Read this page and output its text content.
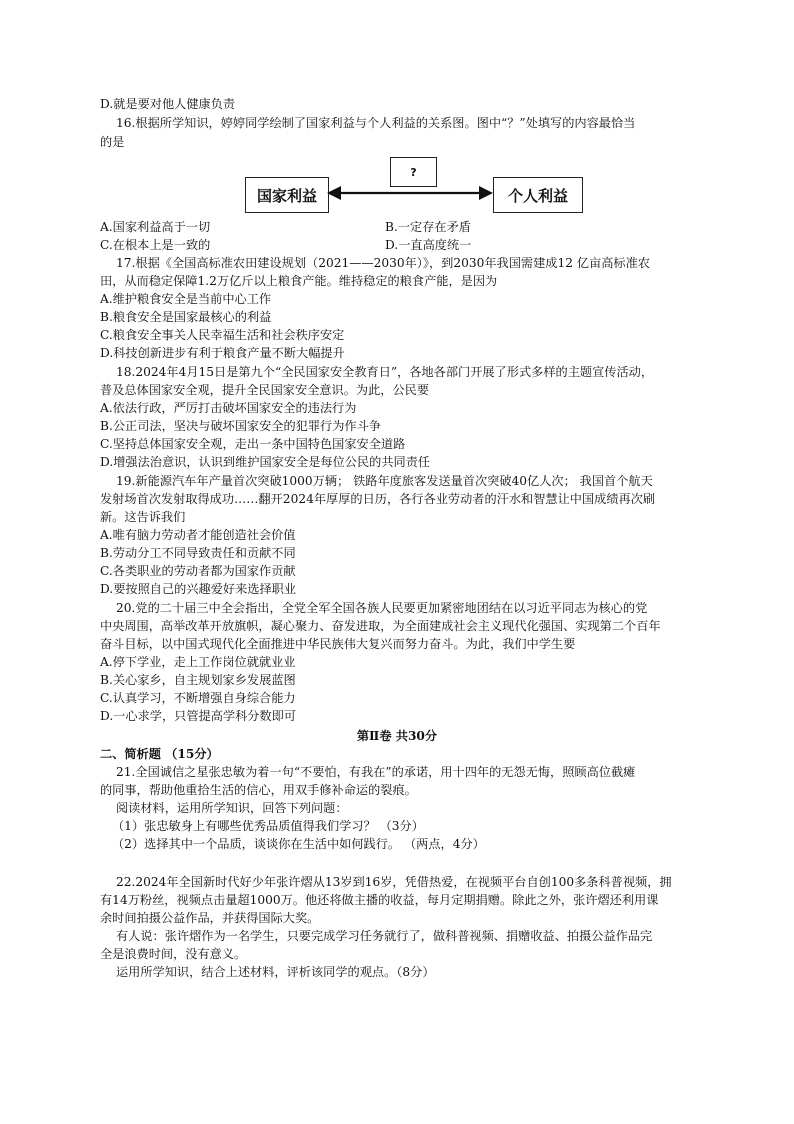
D.就是要对他人健康负责
16.根据所学知识，婷婷同学绘制了国家利益与个人利益的关系图。图中“？”处填写的内容最恰当
的是
国家利益
?
个人利益
A.国家利益高于一切	B.一定存在矛盾
C.在根本上是一致的	D.一直高度统一
17.根据《全国高标准农田建设规划（2021——2030年）》，到2030年我国需建成12 亿亩高标准农
田，从而稳定保障1.2万亿斤以上粮食产能。维持稳定的粮食产能，是因为
A.维护粮食安全是当前中心工作
B.粮食安全是国家最核心的利益
C.粮食安全事关人民幸福生活和社会秩序安定
D.科技创新进步有利于粮食产量不断大幅提升
18.2024年4月15日是第九个“全民国家安全教育日”，各地各部门开展了形式多样的主题宣传活动，
普及总体国家安全观，提升全民国家安全意识。为此，公民要
A.依法行政，严厉打击破坏国家安全的违法行为
B.公正司法，坚决与破坏国家安全的犯罪行为作斗争
C.坚持总体国家安全观，走出一条中国特色国家安全道路
D.增强法治意识，认识到维护国家安全是每位公民的共同责任
19.新能源汽车年产量首次突破1000万辆； 铁路年度旅客发送量首次突破40亿人次； 我国首个航天
发射场首次发射取得成功……翻开2024年厚厚的日历，各行各业劳动者的汗水和智慧让中国成绩再次刷
新。这告诉我们
A.唯有脑力劳动者才能创造社会价值
B.劳动分工不同导致责任和贡献不同
C.各类职业的劳动者都为国家作贡献
D.要按照自己的兴趣爱好来选择职业
20.党的二十届三中全会指出，全党全军全国各族人民要更加紧密地团结在以习近平同志为核心的党
中央周围，高举改革开放旗帜，凝心聚力、奋发进取，为全面建成社会主义现代化强国、实现第二个百年
奋斗目标，以中国式现代化全面推进中华民族伟大复兴而努力奋斗。为此，我们中学生要
A.停下学业，走上工作岗位就就业业
B.关心家乡，自主规划家乡发展蓝图
C.认真学习，不断增强自身综合能力
D.一心求学，只管提高学科分数即可
第Ⅱ卷 共30分
二、简析题 （15分）
21.全国诚信之星张忠敏为着一句“不要怕，有我在”的承诺，用十四年的无怨无悔，照顾高位截瘫
的同事，帮助他重拾生活的信心，用双手修补命运的裂痕。
阅读材料，运用所学知识，回答下列问题：
（1）张忠敏身上有哪些优秀品质值得我们学习？ （3分）
（2）选择其中一个品质，谈谈你在生活中如何践行。 （两点，4分）
22.2024年全国新时代好少年张许熠从13岁到16岁，凭借热爱，在视频平台自创100多条科普视频，拥
有14万粉丝，视频点击量超1000万。他还将做主播的收益，每月定期捐赠。除此之外，张许熠还利用课
余时间拍摄公益作品，并获得国际大奖。
有人说：张许熠作为一名学生，只要完成学习任务就行了，做科普视频、捐赠收益、拍摄公益作品完
全是浪费时间，没有意义。
运用所学知识，结合上述材料，评析该同学的观点。（8分）
